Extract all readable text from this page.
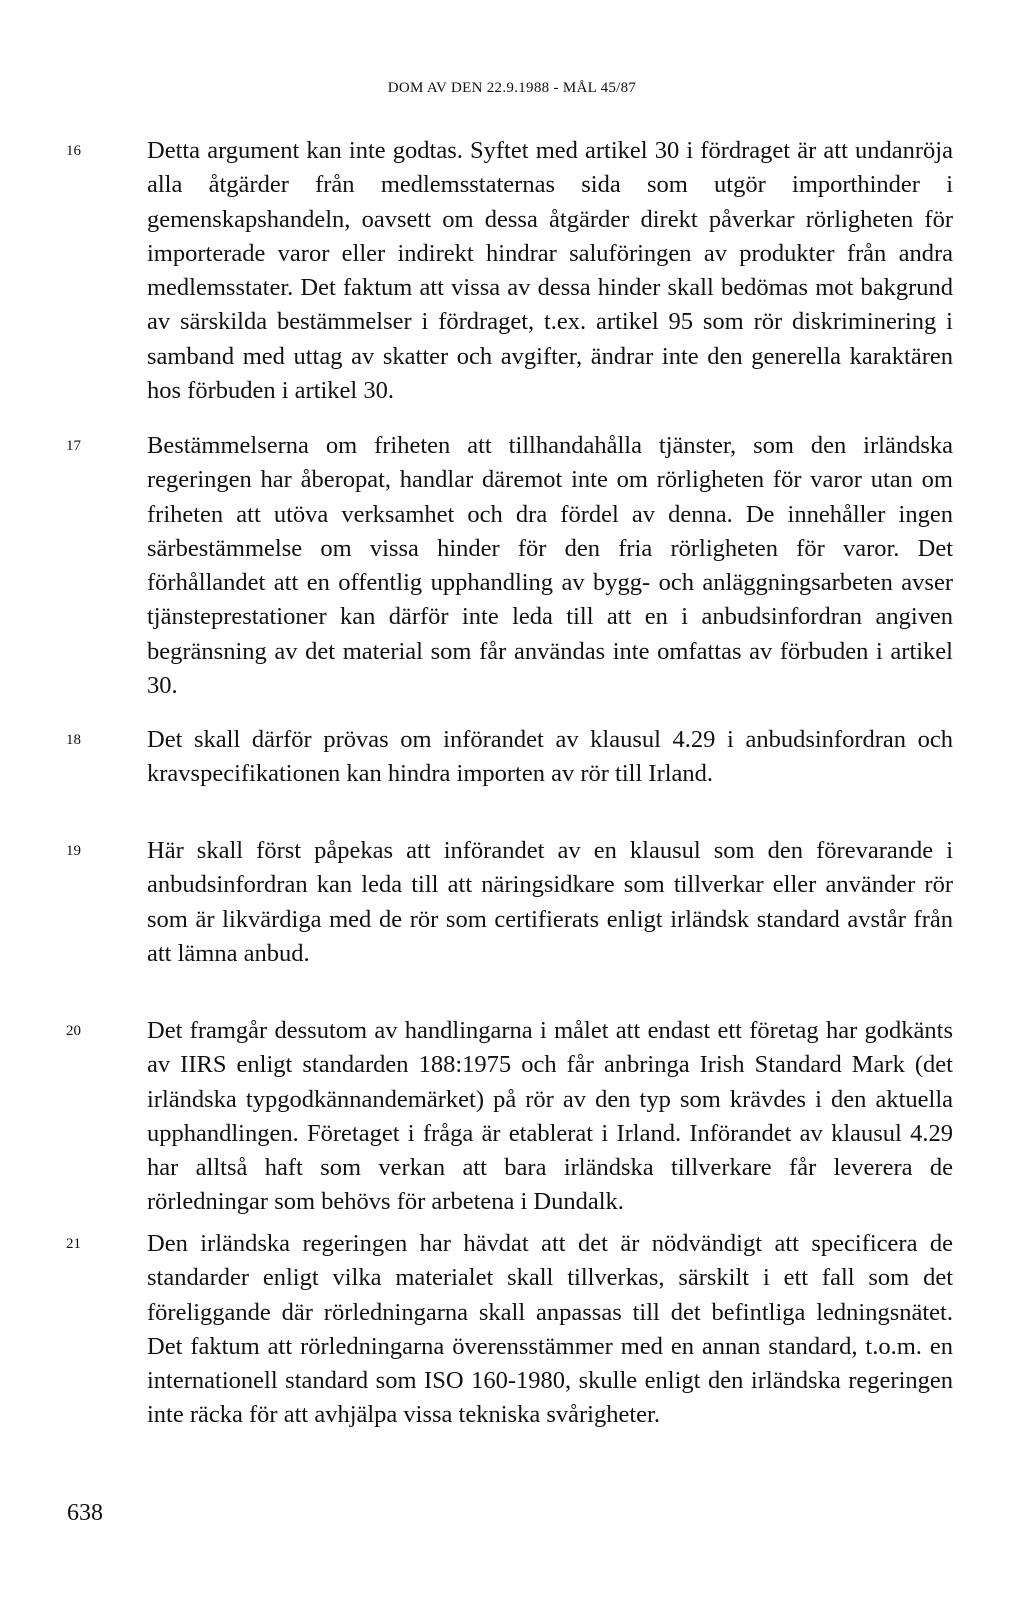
DOM AV DEN 22.9.1988 - MÅL 45/87
16	Detta argument kan inte godtas. Syftet med artikel 30 i fördraget är att undanröja alla åtgärder från medlemsstaternas sida som utgör importhinder i gemenskapshandeln, oavsett om dessa åtgärder direkt påverkar rörligheten för importerade varor eller indirekt hindrar saluföringen av produkter från andra medlemsstater. Det faktum att vissa av dessa hinder skall bedömas mot bakgrund av särskilda bestämmelser i fördraget, t.ex. artikel 95 som rör diskriminering i samband med uttag av skatter och avgifter, ändrar inte den generella karaktären hos förbuden i artikel 30.

17	Bestämmelserna om friheten att tillhandahålla tjänster, som den irländska regeringen har åberopat, handlar däremot inte om rörligheten för varor utan om friheten att utöva verksamhet och dra fördel av denna. De innehåller ingen särbestämmelse om vissa hinder för den fria rörligheten för varor. Det förhållandet att en offentlig upphandling av bygg- och anläggningsarbeten avser tjänsteprestationer kan därför inte leda till att en i anbudsinfordran angiven begränsning av det material som får användas inte omfattas av förbuden i artikel 30.

18	Det skall därför prövas om införandet av klausul 4.29 i anbudsinfordran och kravspecifikationen kan hindra importen av rör till Irland.

19	Här skall först påpekas att införandet av en klausul som den förevarande i anbudsinfordran kan leda till att näringsidkare som tillverkar eller använder rör som är likvärdiga med de rör som certifierats enligt irländsk standard avstår från att lämna anbud.

20	Det framgår dessutom av handlingarna i målet att endast ett företag har godkänts av IIRS enligt standarden 188:1975 och får anbringa Irish Standard Mark (det irländska typgodkännandemärket) på rör av den typ som krävdes i den aktuella upphandlingen. Företaget i fråga är etablerat i Irland. Införandet av klausul 4.29 har alltså haft som verkan att bara irländska tillverkare får leverera de rörledningar som behövs för arbetena i Dundalk.

21	Den irländska regeringen har hävdat att det är nödvändigt att specificera de standarder enligt vilka materialet skall tillverkas, särskilt i ett fall som det föreliggande där rörledningarna skall anpassas till det befintliga ledningsnätet. Det faktum att rörledningarna överensstämmer med en annan standard, t.o.m. en internationell standard som ISO 160-1980, skulle enligt den irländska regeringen inte räcka för att avhjälpa vissa tekniska svårigheter.

638
